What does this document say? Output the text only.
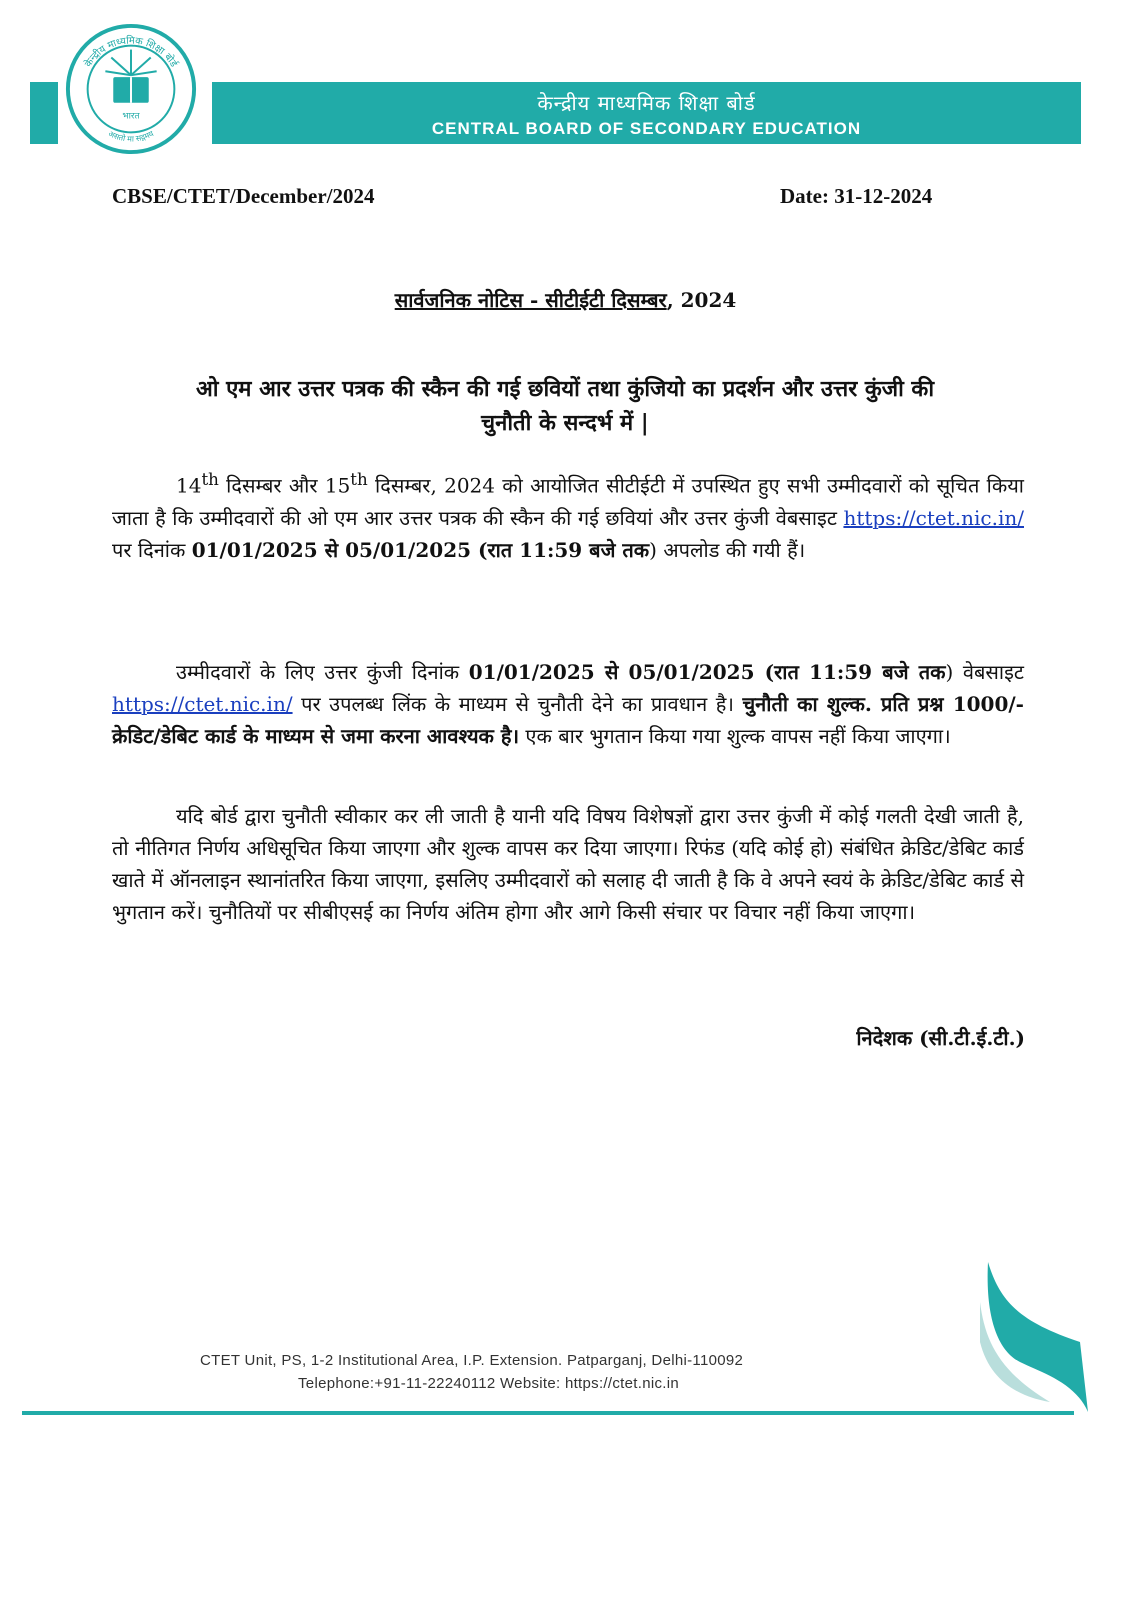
केन्द्रीय माध्यमिक शिक्षा बोर्ड
असतो मा सद्गमय
भारत
केन्द्रीय माध्यमिक शिक्षा बोर्ड
CENTRAL BOARD OF SECONDARY EDUCATION
CBSE/CTET/December/2024	Date: 31-12-2024
सार्वजनिक नोटिस - सीटीईटी दिसम्बर, 2024
ओ एम आर उत्तर पत्रक की स्कैन की गई छवियों तथा कुंजियो का प्रदर्शन और उत्तर कुंजी की
चुनौती के सन्दर्भ में |
14th दिसम्बर और 15th दिसम्बर, 2024 को आयोजित सीटीईटी में उपस्थित हुए सभी उम्मीदवारों को सूचित किया जाता है कि उम्मीदवारों की ओ एम आर उत्तर पत्रक की स्कैन की गई छवियां और उत्तर कुंजी वेबसाइट https://ctet.nic.in/ पर दिनांक 01/01/2025 से 05/01/2025 (रात 11:59 बजे तक) अपलोड की गयी हैं।
उम्मीदवारों के लिए उत्तर कुंजी दिनांक 01/01/2025 से 05/01/2025 (रात 11:59 बजे तक) वेबसाइट https://ctet.nic.in/ पर उपलब्ध लिंक के माध्यम से चुनौती देने का प्रावधान है। चुनौती का शुल्क. प्रति प्रश्न 1000/- क्रेडिट/डेबिट कार्ड के माध्यम से जमा करना आवश्यक है। एक बार भुगतान किया गया शुल्क वापस नहीं किया जाएगा।
यदि बोर्ड द्वारा चुनौती स्वीकार कर ली जाती है यानी यदि विषय विशेषज्ञों द्वारा उत्तर कुंजी में कोई गलती देखी जाती है, तो नीतिगत निर्णय अधिसूचित किया जाएगा और शुल्क वापस कर दिया जाएगा। रिफंड (यदि कोई हो) संबंधित क्रेडिट/डेबिट कार्ड खाते में ऑनलाइन स्थानांतरित किया जाएगा, इसलिए उम्मीदवारों को सलाह दी जाती है कि वे अपने स्वयं के क्रेडिट/डेबिट कार्ड से भुगतान करें। चुनौतियों पर सीबीएसई का निर्णय अंतिम होगा और आगे किसी संचार पर विचार नहीं किया जाएगा।
निदेशक (सी.टी.ई.टी.)
CTET Unit, PS, 1-2 Institutional Area, I.P. Extension. Patparganj, Delhi-110092
Telephone:+91-11-22240112 Website: https://ctet.nic.in
